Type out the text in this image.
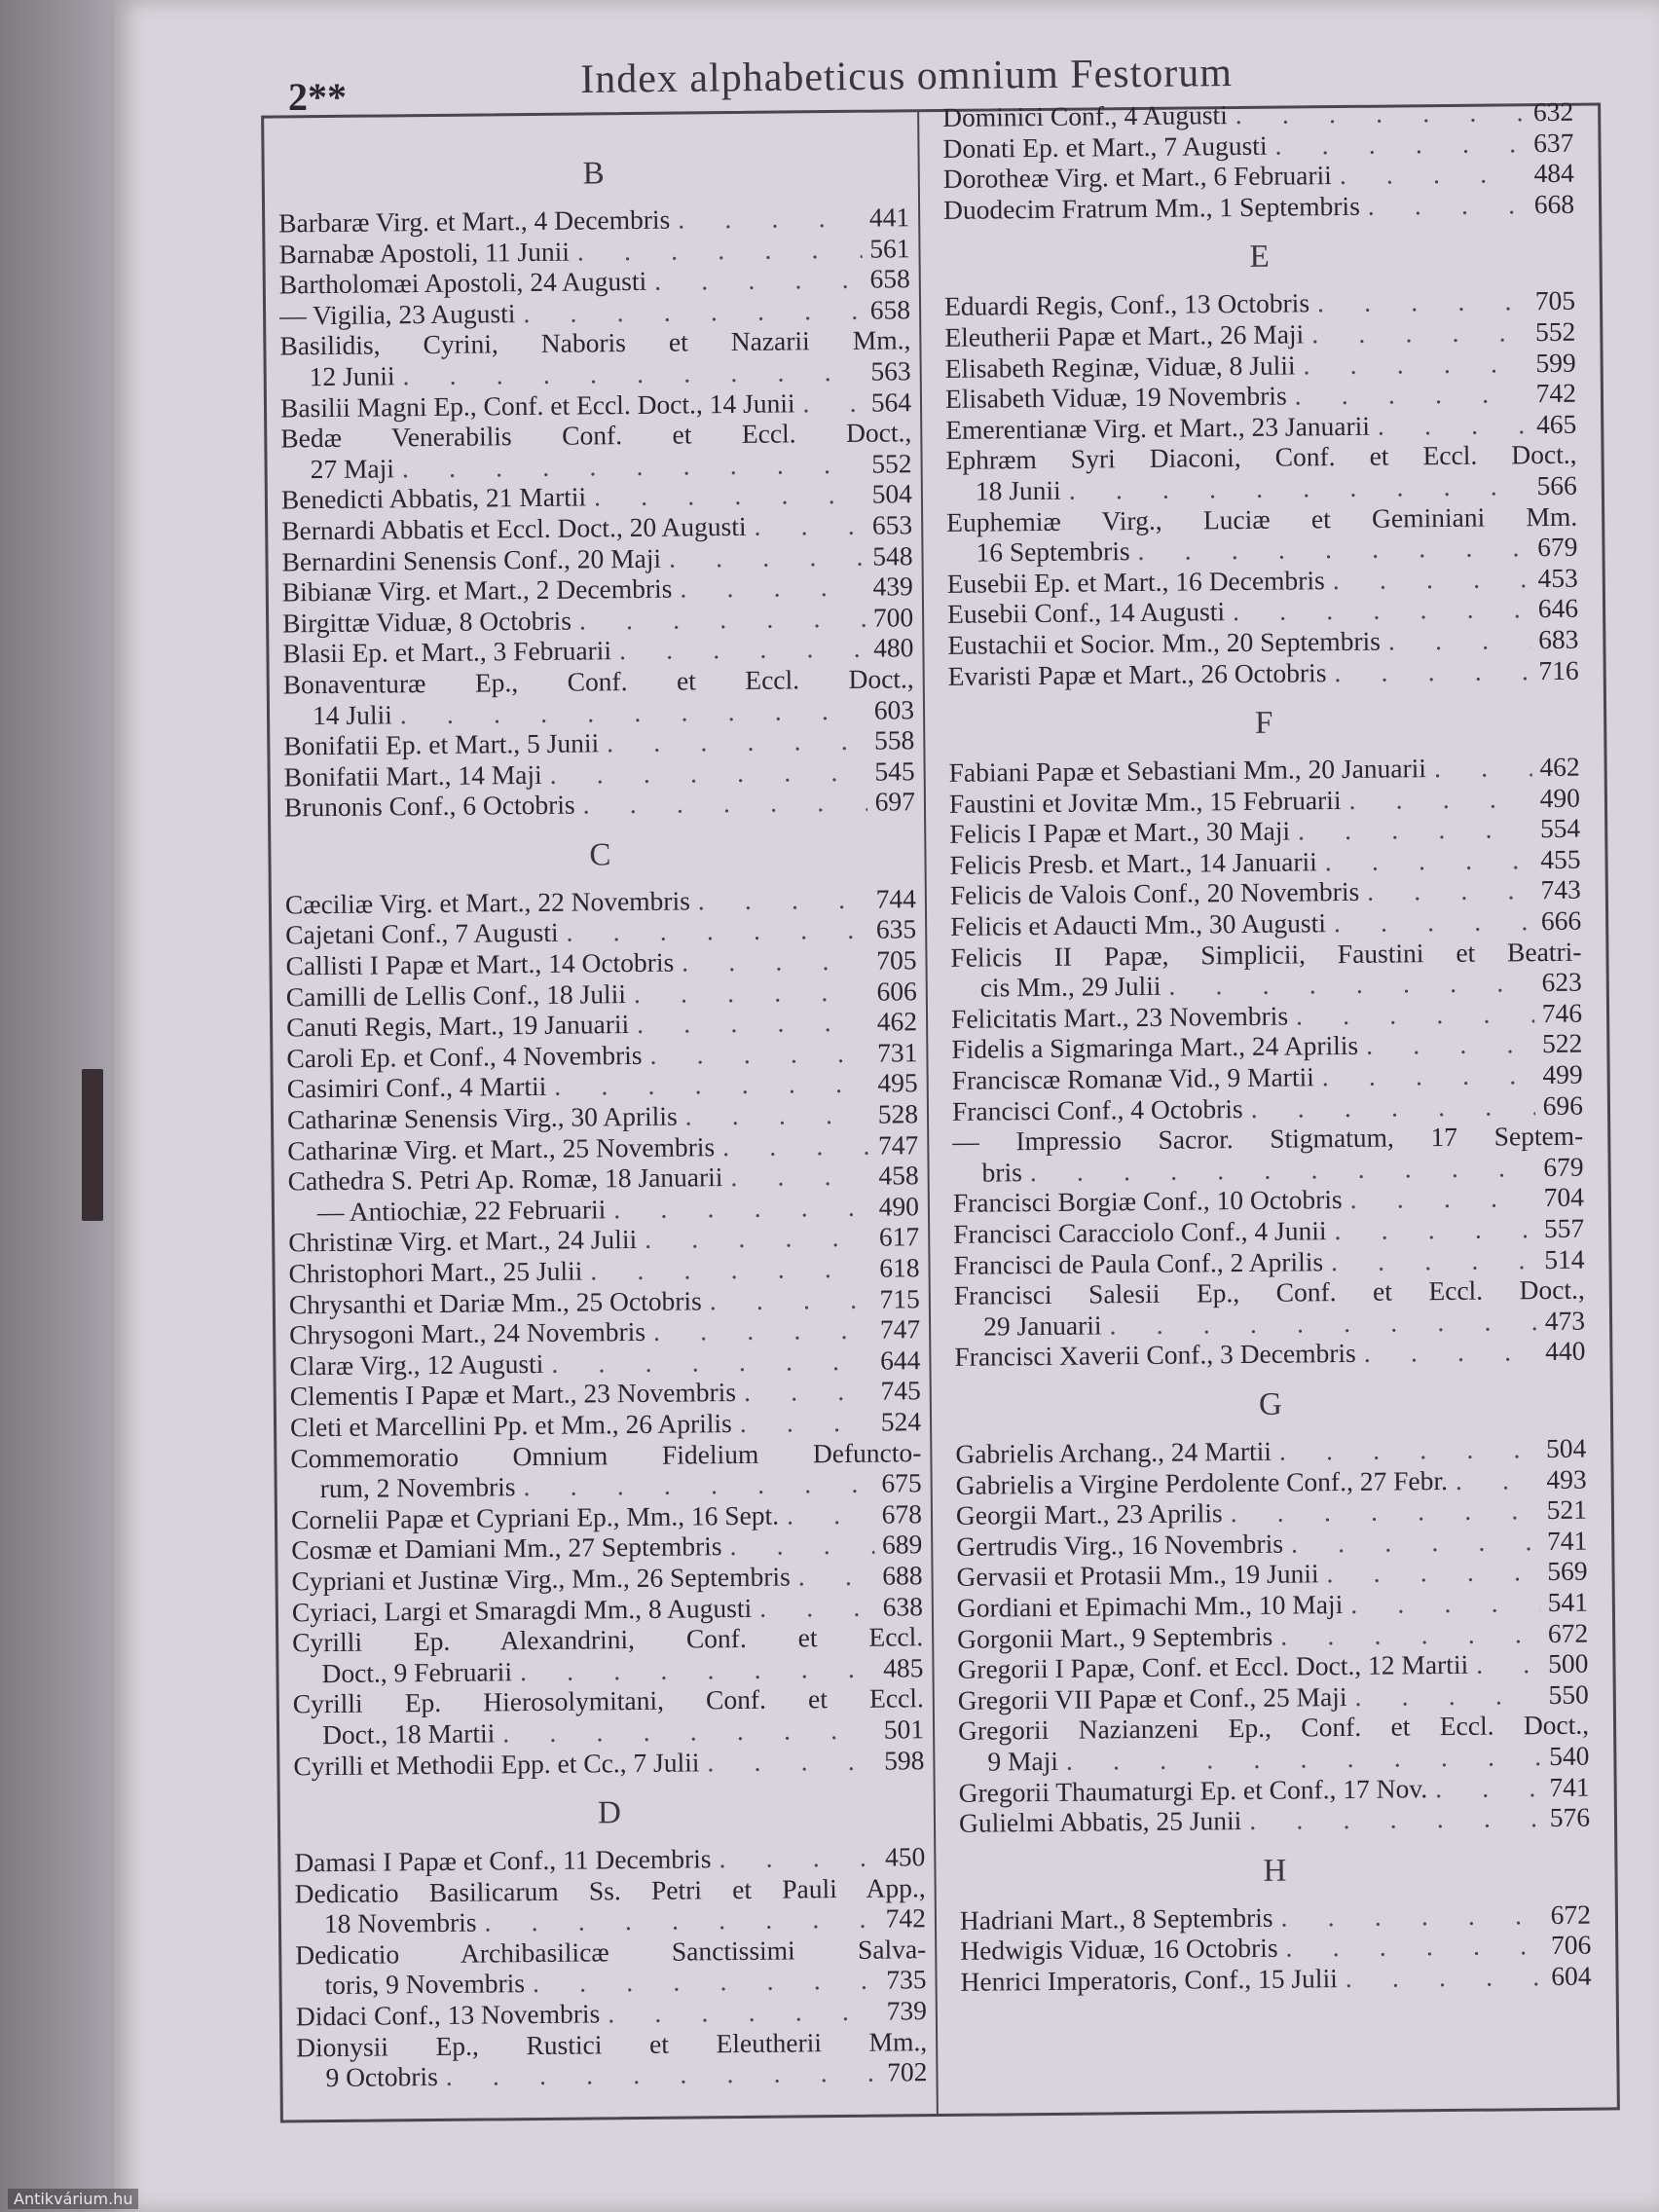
2**	Index alphabeticus omnium Festorum
B
Barbaræ Virg. et Mart., 4 Decembris .	441
Barnabæ Apostoli, 11 Junii .	561
Bartholomæi Apostoli, 24 Augusti .	658
— Vigilia, 23 Augusti .	658
Basilidis, Cyrini, Naboris et Nazarii Mm.,
12 Junii .	563
Basilii Magni Ep., Conf. et Eccl. Doct., 14 Junii .	564
Bedæ Venerabilis Conf. et Eccl. Doct.,
27 Maji .	552
Benedicti Abbatis, 21 Martii .	504
Bernardi Abbatis et Eccl. Doct., 20 Augusti .	653
Bernardini Senensis Conf., 20 Maji .	548
Bibianæ Virg. et Mart., 2 Decembris .	439
Birgittæ Viduæ, 8 Octobris .	700
Blasii Ep. et Mart., 3 Februarii .	480
Bonaventuræ Ep., Conf. et Eccl. Doct.,
14 Julii .	603
Bonifatii Ep. et Mart., 5 Junii .	558
Bonifatii Mart., 14 Maji .	545
Brunonis Conf., 6 Octobris .	697
C
Cæciliæ Virg. et Mart., 22 Novembris .	744
Cajetani Conf., 7 Augusti .	635
Callisti I Papæ et Mart., 14 Octobris .	705
Camilli de Lellis Conf., 18 Julii .	606
Canuti Regis, Mart., 19 Januarii .	462
Caroli Ep. et Conf., 4 Novembris .	731
Casimiri Conf., 4 Martii .	495
Catharinæ Senensis Virg., 30 Aprilis .	528
Catharinæ Virg. et Mart., 25 Novembris .	747
Cathedra S. Petri Ap. Romæ, 18 Januarii .	458
— Antiochiæ, 22 Februarii .	490
Christinæ Virg. et Mart., 24 Julii .	617
Christophori Mart., 25 Julii .	618
Chrysanthi et Dariæ Mm., 25 Octobris .	715
Chrysogoni Mart., 24 Novembris .	747
Claræ Virg., 12 Augusti .	644
Clementis I Papæ et Mart., 23 Novembris .	745
Cleti et Marcellini Pp. et Mm., 26 Aprilis .	524
Commemoratio Omnium Fidelium Defuncto-
rum, 2 Novembris .	675
Cornelii Papæ et Cypriani Ep., Mm., 16 Sept. .	678
Cosmæ et Damiani Mm., 27 Septembris .	689
Cypriani et Justinæ Virg., Mm., 26 Septembris .	688
Cyriaci, Largi et Smaragdi Mm., 8 Augusti .	638
Cyrilli Ep. Alexandrini, Conf. et Eccl.
Doct., 9 Februarii .	485
Cyrilli Ep. Hierosolymitani, Conf. et Eccl.
Doct., 18 Martii .	501
Cyrilli et Methodii Epp. et Cc., 7 Julii .	598
D
Damasi I Papæ et Conf., 11 Decembris .	450
Dedicatio Basilicarum Ss. Petri et Pauli App.,
18 Novembris .	742
Dedicatio Archibasilicæ Sanctissimi Salva-
toris, 9 Novembris .	735
Didaci Conf., 13 Novembris .	739
Dionysii Ep., Rustici et Eleutherii Mm.,
9 Octobris .	702
Dominici Conf., 4 Augusti .	632
Donati Ep. et Mart., 7 Augusti .	637
Dorotheæ Virg. et Mart., 6 Februarii .	484
Duodecim Fratrum Mm., 1 Septembris .	668
E
Eduardi Regis, Conf., 13 Octobris .	705
Eleutherii Papæ et Mart., 26 Maji .	552
Elisabeth Reginæ, Viduæ, 8 Julii .	599
Elisabeth Viduæ, 19 Novembris .	742
Emerentianæ Virg. et Mart., 23 Januarii .	465
Ephræm Syri Diaconi, Conf. et Eccl. Doct.,
18 Junii .	566
Euphemiæ Virg., Luciæ et Geminiani Mm.
16 Septembris .	679
Eusebii Ep. et Mart., 16 Decembris .	453
Eusebii Conf., 14 Augusti .	646
Eustachii et Socior. Mm., 20 Septembris .	683
Evaristi Papæ et Mart., 26 Octobris .	716
F
Fabiani Papæ et Sebastiani Mm., 20 Januarii .	462
Faustini et Jovitæ Mm., 15 Februarii .	490
Felicis I Papæ et Mart., 30 Maji .	554
Felicis Presb. et Mart., 14 Januarii .	455
Felicis de Valois Conf., 20 Novembris .	743
Felicis et Adaucti Mm., 30 Augusti .	666
Felicis II Papæ, Simplicii, Faustini et Beatri-
cis Mm., 29 Julii .	623
Felicitatis Mart., 23 Novembris .	746
Fidelis a Sigmaringa Mart., 24 Aprilis .	522
Franciscæ Romanæ Vid., 9 Martii .	499
Francisci Conf., 4 Octobris .	696
— Impressio Sacror. Stigmatum, 17 Septem-
bris .	679
Francisci Borgiæ Conf., 10 Octobris .	704
Francisci Caracciolo Conf., 4 Junii .	557
Francisci de Paula Conf., 2 Aprilis .	514
Francisci Salesii Ep., Conf. et Eccl. Doct.,
29 Januarii .	473
Francisci Xaverii Conf., 3 Decembris .	440
G
Gabrielis Archang., 24 Martii .	504
Gabrielis a Virgine Perdolente Conf., 27 Febr. .	493
Georgii Mart., 23 Aprilis .	521
Gertrudis Virg., 16 Novembris .	741
Gervasii et Protasii Mm., 19 Junii .	569
Gordiani et Epimachi Mm., 10 Maji .	541
Gorgonii Mart., 9 Septembris .	672
Gregorii I Papæ, Conf. et Eccl. Doct., 12 Martii .	500
Gregorii VII Papæ et Conf., 25 Maji .	550
Gregorii Nazianzeni Ep., Conf. et Eccl. Doct.,
9 Maji .	540
Gregorii Thaumaturgi Ep. et Conf., 17 Nov. .	741
Gulielmi Abbatis, 25 Junii .	576
H
Hadriani Mart., 8 Septembris .	672
Hedwigis Viduæ, 16 Octobris .	706
Henrici Imperatoris, Conf., 15 Julii .	604
Antikvárium.hu
